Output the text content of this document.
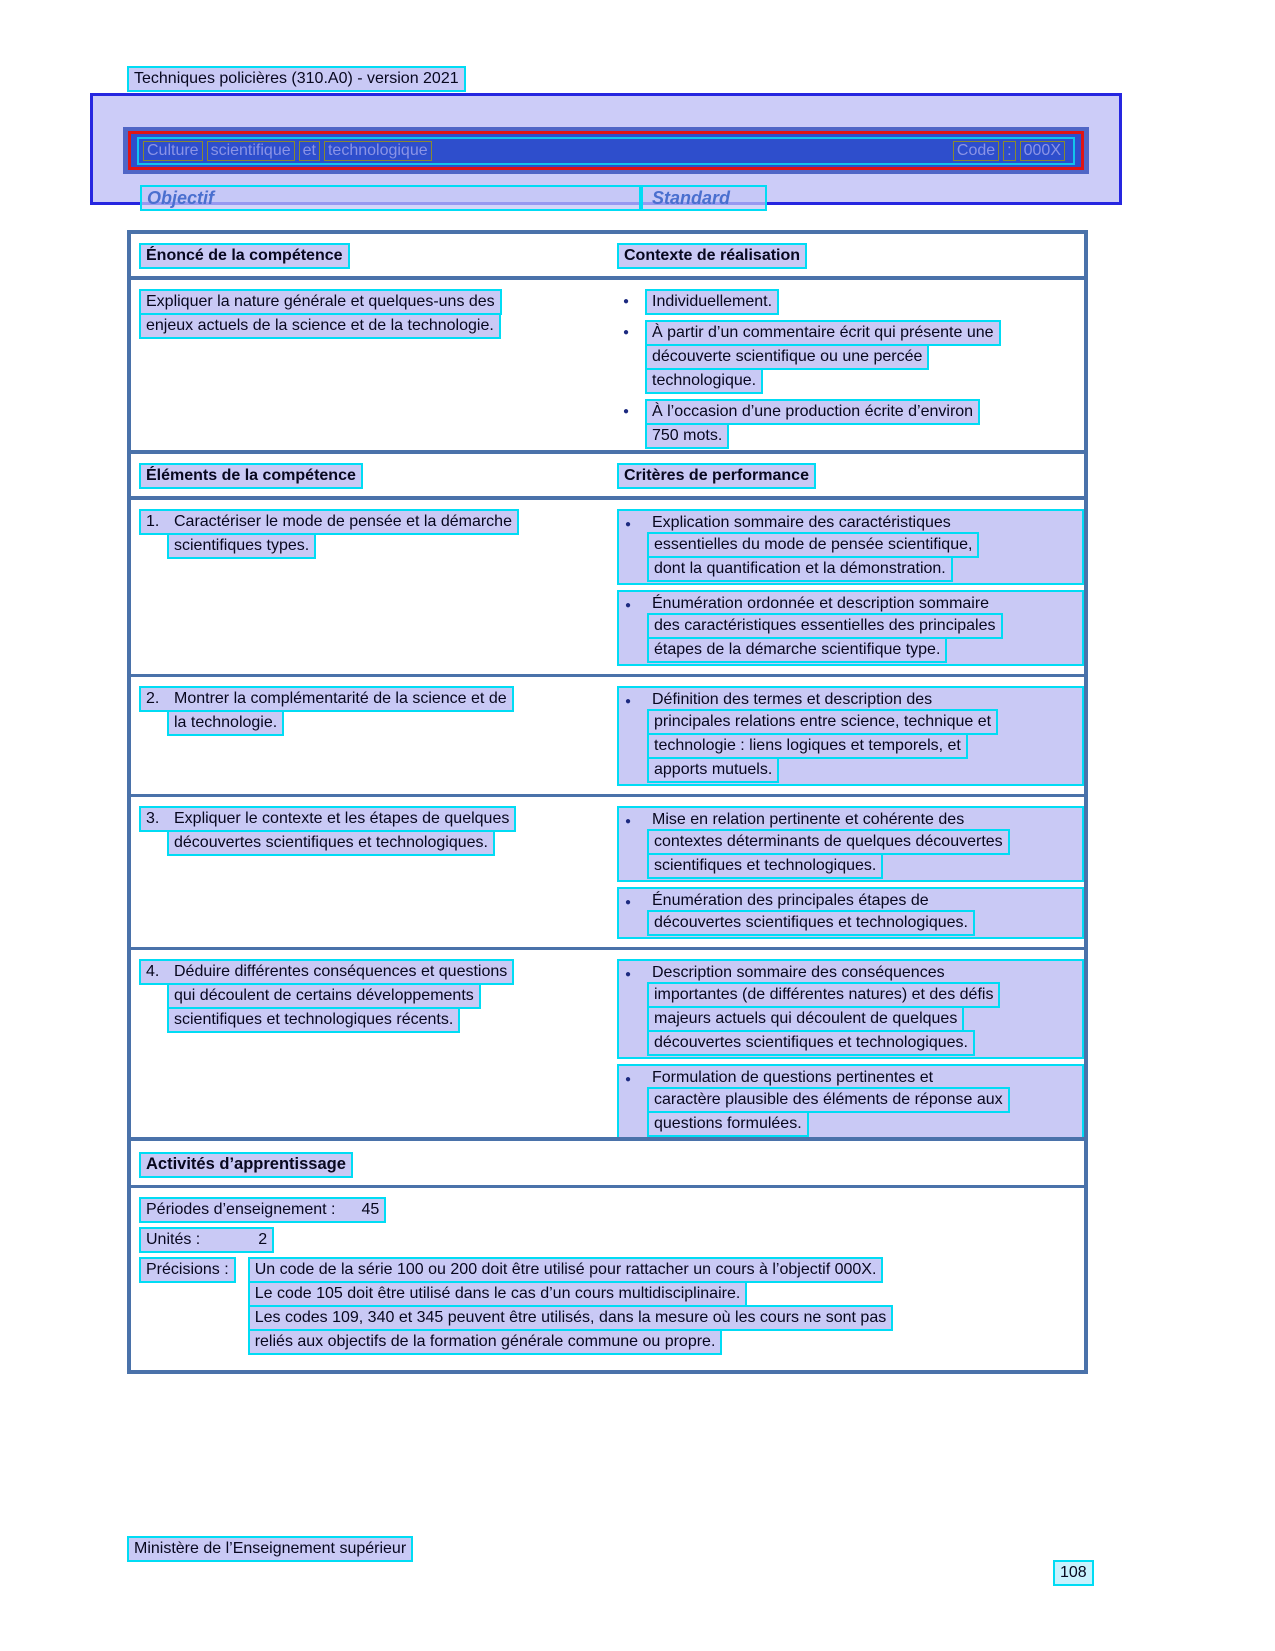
Techniques policières (310.A0) - version 2021
Culture scientifique et technologique	Code : 000X
Objectif	Standard
Énoncé de la compétence	Contexte de réalisation
Expliquer la nature générale et quelques-uns des
enjeux actuels de la science et de la technologie.
●	Individuellement.
●	À partir d’un commentaire écrit qui présente une
découverte scientifique ou une percée
technologique.
●	À l’occasion d’une production écrite d’environ
750 mots.
Éléments de la compétence	Critères de performance
1. Caractériser le mode de pensée et la démarche
scientifiques types.
●	Explication sommaire des caractéristiques
essentielles du mode de pensée scientifique,
dont la quantification et la démonstration.
●	Énumération ordonnée et description sommaire
des caractéristiques essentielles des principales
étapes de la démarche scientifique type.
2. Montrer la complémentarité de la science et de
la technologie.
●	Définition des termes et description des
principales relations entre science, technique et
technologie : liens logiques et temporels, et
apports mutuels.
3. Expliquer le contexte et les étapes de quelques
découvertes scientifiques et technologiques.
●	Mise en relation pertinente et cohérente des
contextes déterminants de quelques découvertes
scientifiques et technologiques.
●	Énumération des principales étapes de
découvertes scientifiques et technologiques.
4. Déduire différentes conséquences et questions
qui découlent de certains développements
scientifiques et technologiques récents.
●	Description sommaire des conséquences
importantes (de différentes natures) et des défis
majeurs actuels qui découlent de quelques
découvertes scientifiques et technologiques.
●	Formulation de questions pertinentes et
caractère plausible des éléments de réponse aux
questions formulées.
Activités d’apprentissage
Périodes d’enseignement : 45
Unités :	2
Précisions :	Un code de la série 100 ou 200 doit être utilisé pour rattacher un cours à l’objectif 000X.
Le code 105 doit être utilisé dans le cas d’un cours multidisciplinaire.
Les codes 109, 340 et 345 peuvent être utilisés, dans la mesure où les cours ne sont pas
reliés aux objectifs de la formation générale commune ou propre.
Ministère de l’Enseignement supérieur
108
